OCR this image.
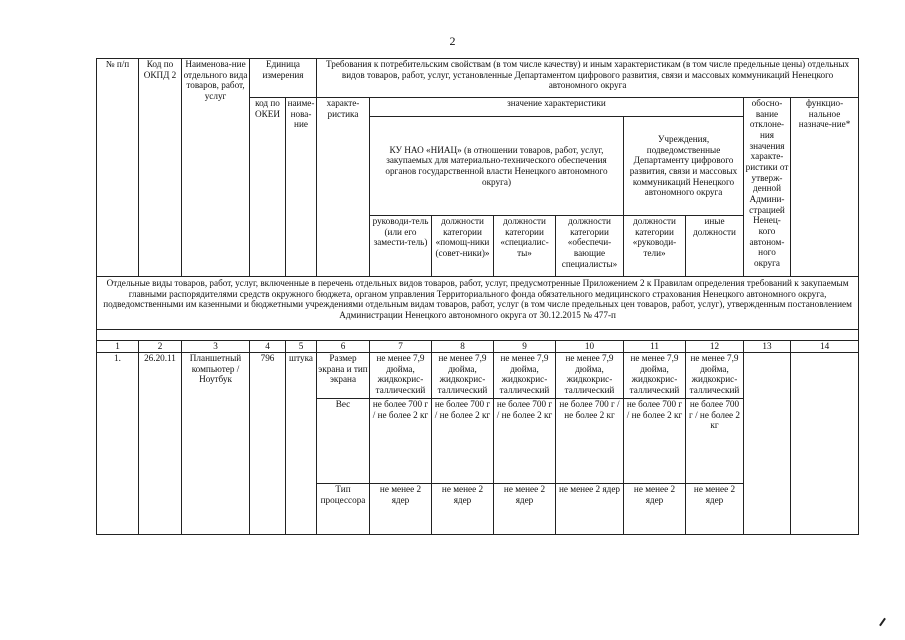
2
№ п/п	Код по ОКПД 2	Наименова-ние отдельного вида товаров, работ, услуг	Единица измерения		Требования к потребительским свойствам (в том числе качеству) и иным характеристикам (в том числе предельные цены) отдельных видов товаров, работ, услуг, установленные Департаментом цифрового развития, связи и массовых коммуникаций Ненецкого автономного округа								
			код по ОКЕИ	наиме-нова-ние	характе-ристика	значение характеристики						обосно-вание отклоне-ния значения характе-ристики от утверж-денной Админи-страцией Ненец-кого автоном-ного округа	функцио-нальное назначе-ние*
						КУ НАО «НИАЦ» (в отношении товаров, работ, услуг, закупаемых для материально-технического обеспечения органов государственной власти Ненецкого автономного округа)				Учреждения, подведомственные Департаменту цифрового развития, связи и массовых коммуникаций Ненецкого автономного округа			
						руководи-тель (или его замести-тель)	должности категории «помощ-ники (совет-ники)»	должности категории «специалис-ты»	должности категории «обеспечи-вающие специалисты»	должности категории «руководи-тели»	иные должности		
Отдельные виды товаров, работ, услуг, включенные в перечень отдельных видов товаров, работ, услуг, предусмотренные Приложением 2 к Правилам определения требований к закупаемым главными распорядителями средств окружного бюджета, органом управления Территориального фонда обязательного медицинского страхования Ненецкого автономного округа, подведомственными им казенными и бюджетными учреждениями отдельным видам товаров, работ, услуг (в том числе предельных цен товаров, работ, услуг), утвержденным постановлением Администрации Ненецкого автономного округа от 30.12.2015 № 477-п													

1	2	3	4	5	6	7	8	9	10	11	12	13	14
1.	26.20.11	Планшетный компьютер / Ноутбук	796	штука	Размер экрана и тип экрана	не менее 7,9 дюйма, жидкокрис-таллический	не менее 7,9 дюйма, жидкокрис-таллический	не менее 7,9 дюйма, жидкокрис-таллический	не менее 7,9 дюйма, жидкокрис-таллический	не менее 7,9 дюйма, жидкокрис-таллический	не менее 7,9 дюйма, жидкокрис-таллический		
					Вес	не более 700 г / не более 2 кг	не более 700 г / не более 2 кг	не более 700 г / не более 2 кг	не более 700 г / не более 2 кг	не более 700 г / не более 2 кг	не более 700 г / не более 2 кг		
					Тип процессора	не менее 2 ядер	не менее 2 ядер	не менее 2 ядер	не менее 2 ядер	не менее 2 ядер	не менее 2 ядер		
